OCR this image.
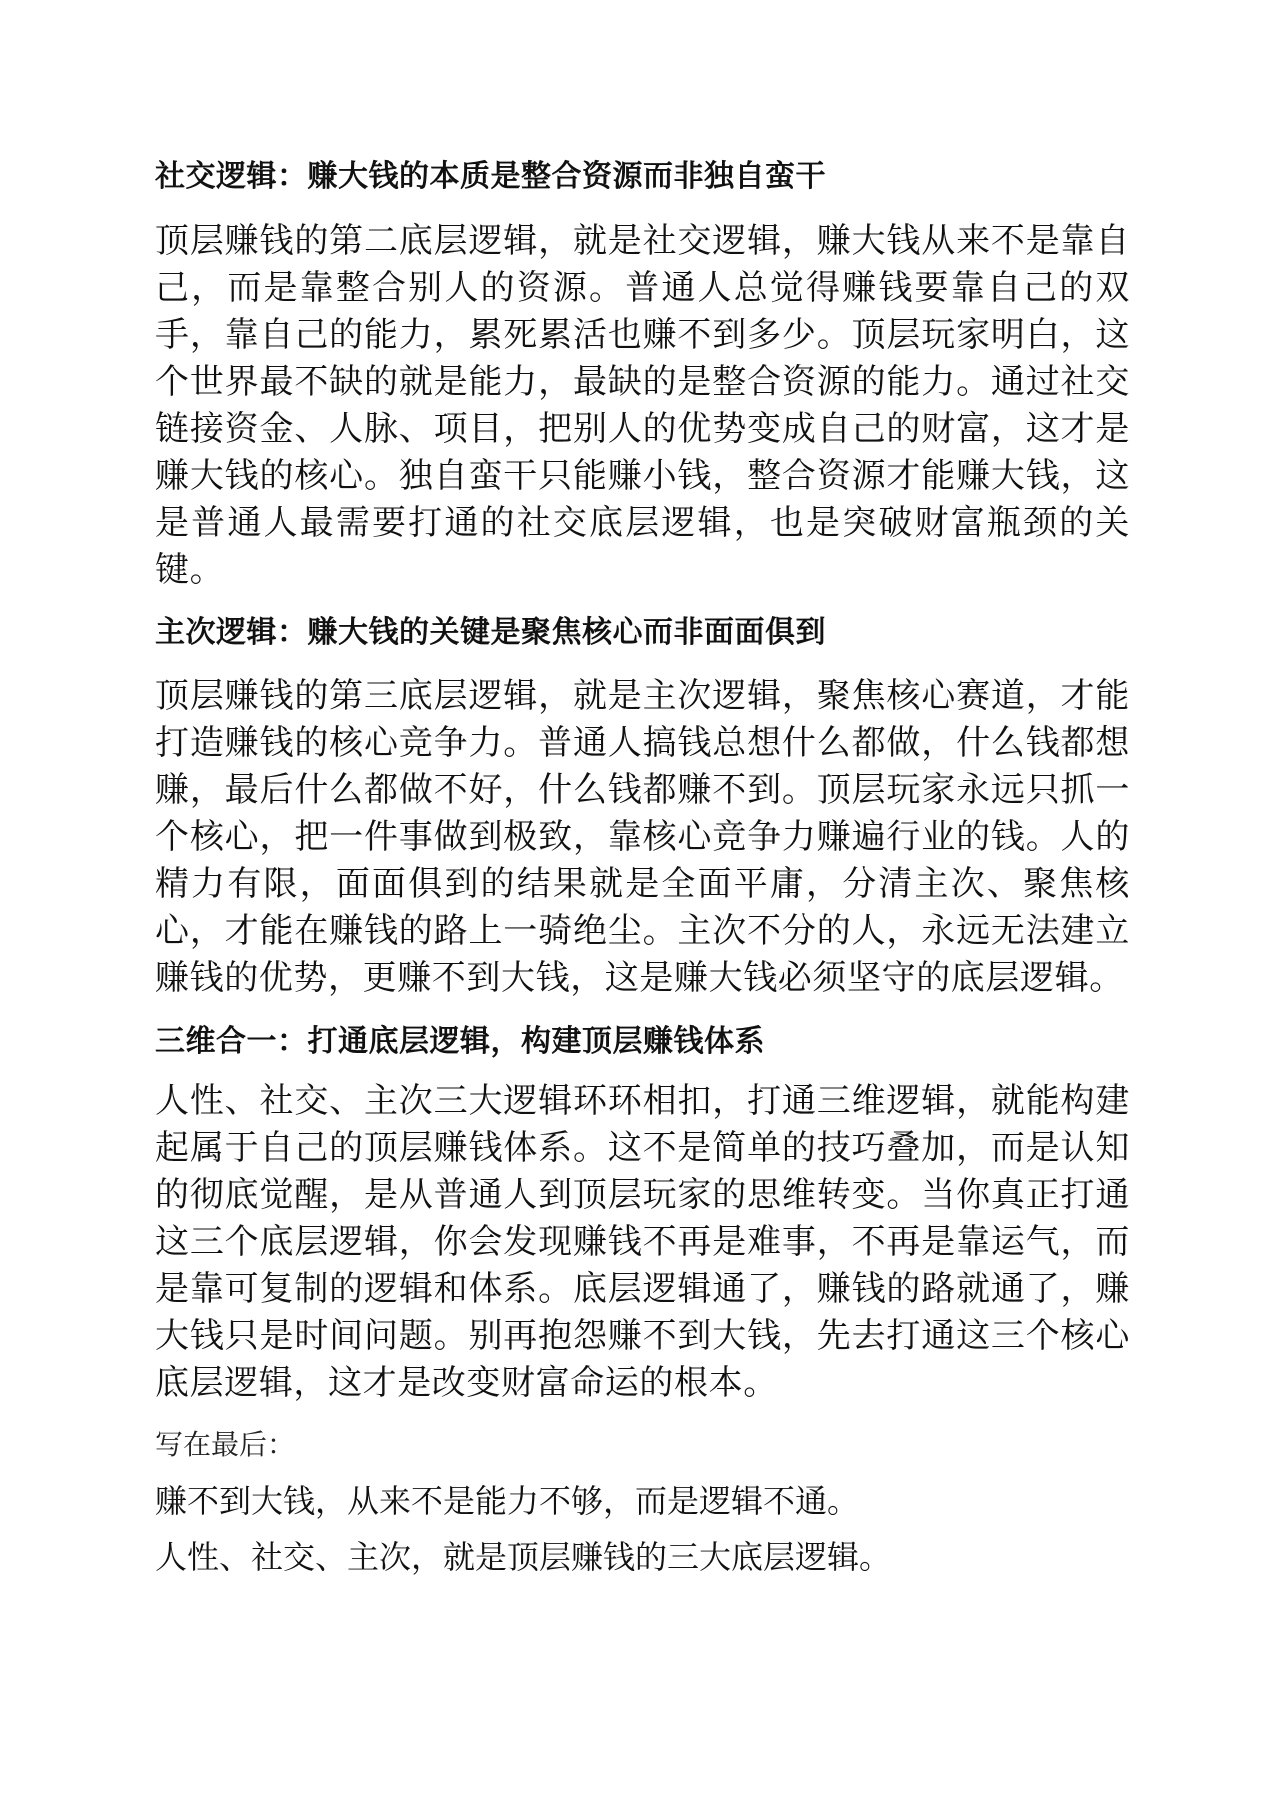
社交逻辑：赚大钱的本质是整合资源而非独自蛮干

顶层赚钱的第二底层逻辑，就是社交逻辑，赚大钱从来不是靠自己，而是靠整合别人的资源。普通人总觉得赚钱要靠自己的双手，靠自己的能力，累死累活也赚不到多少。顶层玩家明白，这个世界最不缺的就是能力，最缺的是整合资源的能力。通过社交链接资金、人脉、项目，把别人的优势变成自己的财富，这才是赚大钱的核心。独自蛮干只能赚小钱，整合资源才能赚大钱，这是普通人最需要打通的社交底层逻辑，也是突破财富瓶颈的关键。

主次逻辑：赚大钱的关键是聚焦核心而非面面俱到

顶层赚钱的第三底层逻辑，就是主次逻辑，聚焦核心赛道，才能打造赚钱的核心竞争力。普通人搞钱总想什么都做，什么钱都想赚，最后什么都做不好，什么钱都赚不到。顶层玩家永远只抓一个核心，把一件事做到极致，靠核心竞争力赚遍行业的钱。人的精力有限，面面俱到的结果就是全面平庸，分清主次、聚焦核心，才能在赚钱的路上一骑绝尘。主次不分的人，永远无法建立赚钱的优势，更赚不到大钱，这是赚大钱必须坚守的底层逻辑。

三维合一：打通底层逻辑，构建顶层赚钱体系

人性、社交、主次三大逻辑环环相扣，打通三维逻辑，就能构建起属于自己的顶层赚钱体系。这不是简单的技巧叠加，而是认知的彻底觉醒，是从普通人到顶层玩家的思维转变。当你真正打通这三个底层逻辑，你会发现赚钱不再是难事，不再是靠运气，而是靠可复制的逻辑和体系。底层逻辑通了，赚钱的路就通了，赚大钱只是时间问题。别再抱怨赚不到大钱，先去打通这三个核心底层逻辑，这才是改变财富命运的根本。

写在最后：

赚不到大钱，从来不是能力不够，而是逻辑不通。

人性、社交、主次，就是顶层赚钱的三大底层逻辑。
